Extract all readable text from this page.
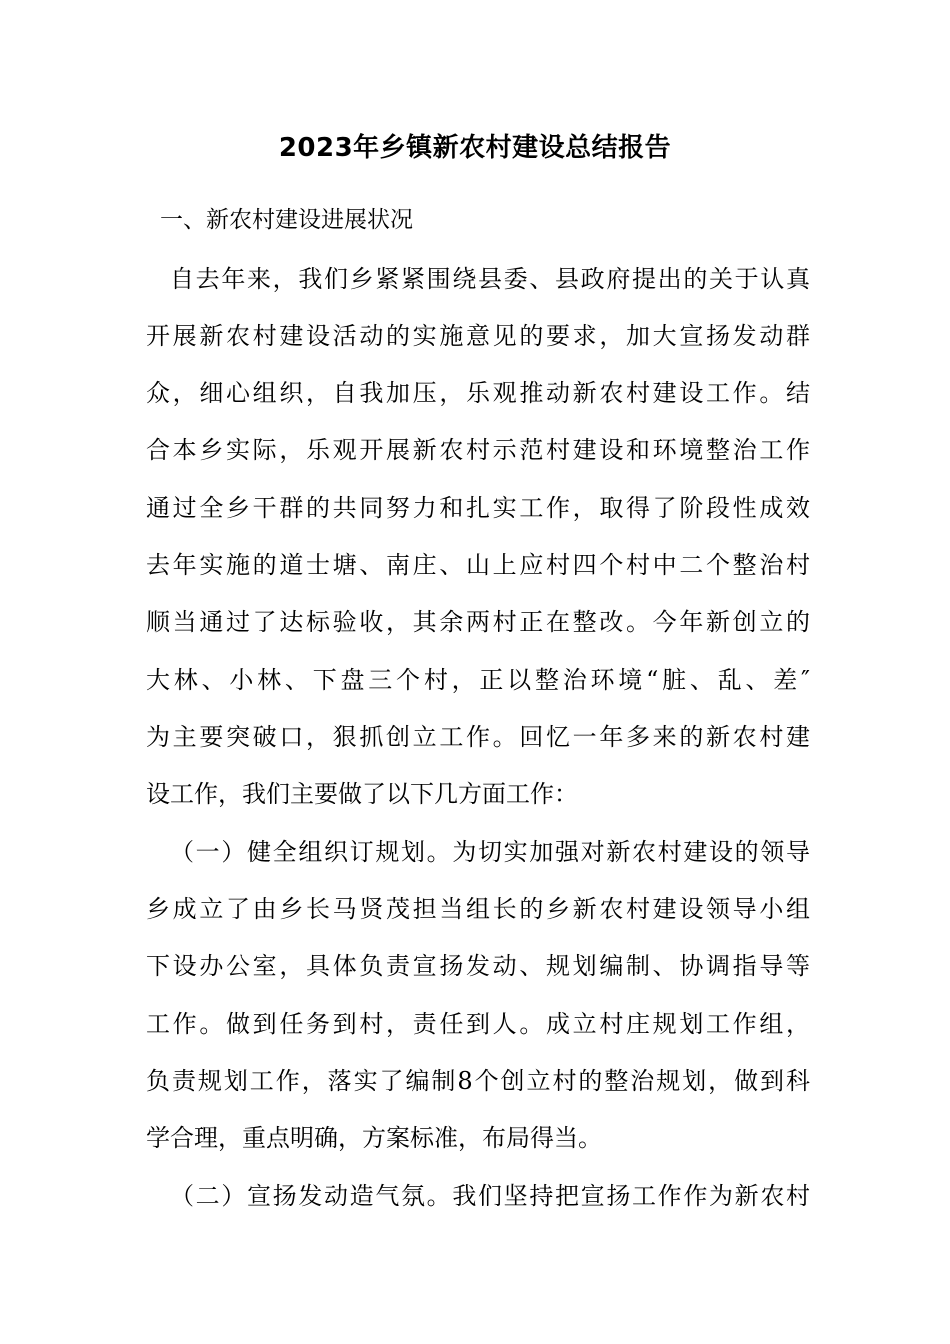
2023年乡镇新农村建设总结报告
一、新农村建设进展状况
自去年来，我们乡紧紧围绕县委、县政府提出的关于认真
开展新农村建设活动的实施意见的要求，加大宣扬发动群
众，细心组织，自我加压，乐观推动新农村建设工作。结
合本乡实际，乐观开展新农村示范村建设和环境整治工作
通过全乡干群的共同努力和扎实工作，取得了阶段性成效
去年实施的道士塘、南庄、山上应村四个村中二个整治村
顺当通过了达标验收，其余两村正在整改。今年新创立的
大林、小林、下盘三个村，正以整治环境“脏、乱、差″
为主要突破口，狠抓创立工作。回忆一年多来的新农村建
设工作，我们主要做了以下几方面工作：
（一）健全组织订规划。为切实加强对新农村建设的领导
乡成立了由乡长马贤茂担当组长的乡新农村建设领导小组
下设办公室，具体负责宣扬发动、规划编制、协调指导等
工作。做到任务到村，责任到人。成立村庄规划工作组，
负责规划工作，落实了编制8个创立村的整治规划，做到科
学合理，重点明确，方案标准，布局得当。
（二）宣扬发动造气氛。我们坚持把宣扬工作作为新农村
